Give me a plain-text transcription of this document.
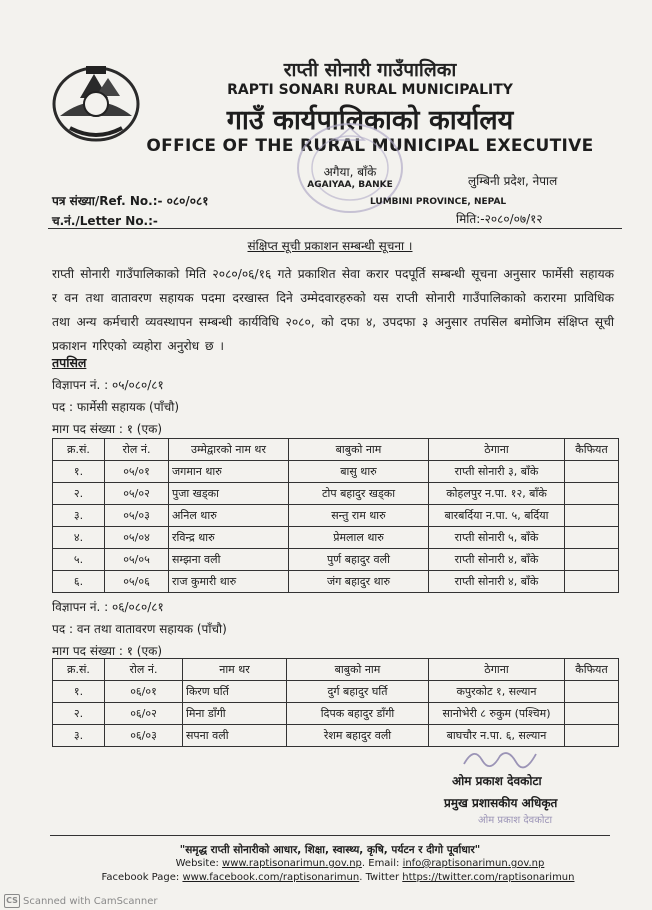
राप्ती सोनारी गाउँपालिका
RAPTI SONARI RURAL MUNICIPALITY
गाउँ कार्यपालिकाको कार्यालय
OFFICE OF THE RURAL MUNICIPAL EXECUTIVE
अगैया, बाँके
AGAIYAA, BANKE	लुम्बिनी प्रदेश, नेपाल
LUMBINI PROVINCE, NEPAL
पत्र संख्या/Ref. No.:- ०८०/०८१
च.नं./Letter No.:-	मिति:-२०८०/०७/१२
संक्षिप्त सूची प्रकाशन सम्बन्धी सूचना ।
राप्ती सोनारी गाउँपालिकाको मिति २०८०/०६/१६ गते प्रकाशित सेवा करार पदपूर्ति सम्बन्धी सूचना अनुसार फार्मेसी सहायक र वन तथा वातावरण सहायक पदमा दरखास्त दिने उम्मेदवारहरुको यस राप्ती सोनारी गाउँपालिकाको करारमा प्राविधिक तथा अन्य कर्मचारी व्यवस्थापन सम्बन्धी कार्यविधि २०८०, को दफा ४, उपदफा ३ अनुसार तपसिल बमोजिम संक्षिप्त सूची प्रकाशन गरिएको व्यहोरा अनुरोध छ ।
तपसिल
विज्ञापन नं. : ०५/०८०/८१
पद : फार्मेसी सहायक (पाँचौ)
माग पद संख्या : १ (एक)
क्र.सं.	रोल नं.	उम्मेद्वारको नाम थर	बाबुको नाम	ठेगाना	कैफियत
१.	०५/०१	जगमान थारु	बासु थारु	राप्ती सोनारी ३, बाँके	
२.	०५/०२	पुजा खड्का	टोप बहादुर खड्का	कोहलपुर न.पा. १२, बाँके	
३.	०५/०३	अनिल थारु	सन्तु राम थारु	बारबर्दिया न.पा. ५, बर्दिया	
४.	०५/०४	रविन्द्र थारु	प्रेमलाल थारु	राप्ती सोनारी ५, बाँके	
५.	०५/०५	सम्झना वली	पुर्ण बहादुर वली	राप्ती सोनारी ४, बाँके	
६.	०५/०६	राज कुमारी थारु	जंग बहादुर थारु	राप्ती सोनारी ४, बाँके	
विज्ञापन नं. : ०६/०८०/८१
पद : वन तथा वातावरण सहायक (पाँचौ)
माग पद संख्या : १ (एक)
क्र.सं.	रोल नं.	नाम थर	बाबुको नाम	ठेगाना	कैफियत
१.	०६/०१	किरण घर्ति	दुर्ग बहादुर घर्ति	कपुरकोट १, सल्यान	
२.	०६/०२	मिना डाँगी	दिपक बहादुर डाँगी	सानोभेरी ८ रुकुम (पश्चिम)	
३.	०६/०३	सपना वली	रेशम बहादुर वली	बाघचौर न.पा. ६, सल्यान	
ओम प्रकाश देवकोटा
प्रमुख प्रशासकीय अधिकृत
ओम प्रकाश देवकोटा
"समृद्ध राप्ती सोनारीको आधार, शिक्षा, स्वास्थ्य, कृषि, पर्यटन र दीगो पूर्वाधार"
Website: www.raptisonarimun.gov.np. Email: info@raptisonarimun.gov.np
Facebook Page: www.facebook.com/raptisonarimun. Twitter https://twitter.com/raptisonarimun
CS Scanned with CamScanner
